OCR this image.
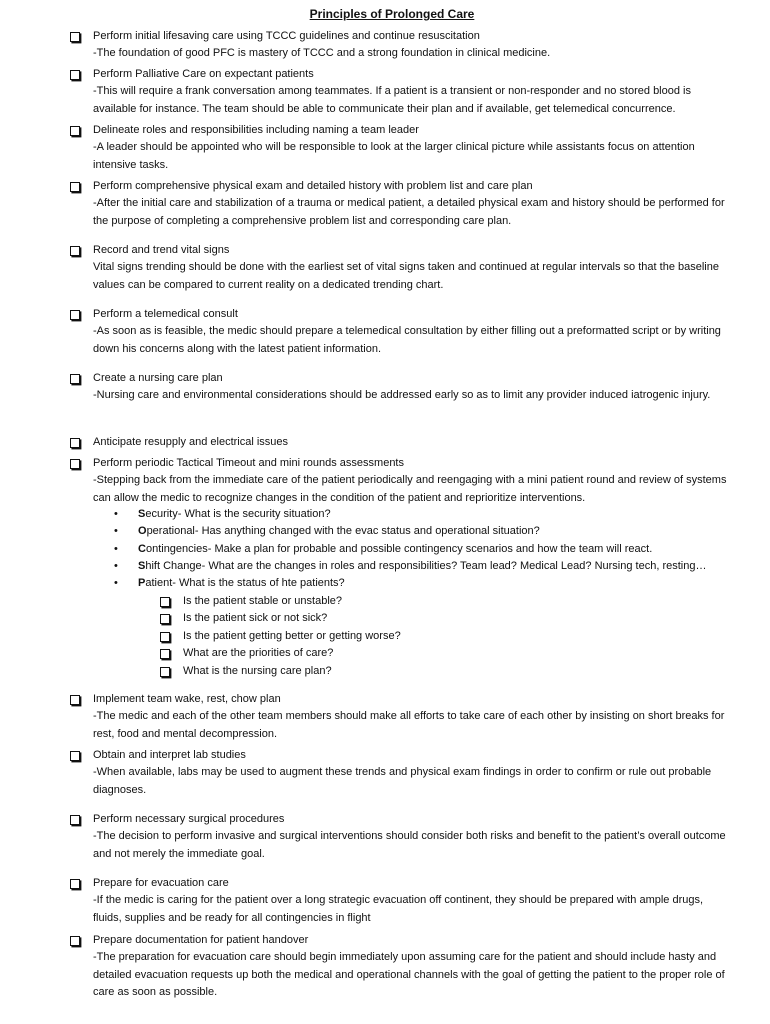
Principles of Prolonged Care
Perform initial lifesaving care using TCCC guidelines and continue resuscitation
-The foundation of good PFC is mastery of TCCC and a strong foundation in clinical medicine.
Perform Palliative Care on expectant patients
-This will require a frank conversation among teammates. If a patient is a transient or non-responder and no stored blood is available for instance. The team should be able to communicate their plan and if available, get telemedical concurrence.
Delineate roles and responsibilities including naming a team leader
-A leader should be appointed who will be responsible to look at the larger clinical picture while assistants focus on attention intensive tasks.
Perform comprehensive physical exam and detailed history with problem list and care plan
-After the initial care and stabilization of a trauma or medical patient, a detailed physical exam and history should be performed for the purpose of completing a comprehensive problem list and corresponding care plan.
Record and trend vital signs
Vital signs trending should be done with the earliest set of vital signs taken and continued at regular intervals so that the baseline values can be compared to current reality on a dedicated trending chart.
Perform a telemedical consult
-As soon as is feasible, the medic should prepare a telemedical consultation by either filling out a preformatted script or by writing down his concerns along with the latest patient information.
Create a nursing care plan
-Nursing care and environmental considerations should be addressed early so as to limit any provider induced iatrogenic injury.
Anticipate resupply and electrical issues
Perform periodic Tactical Timeout and mini rounds assessments
-Stepping back from the immediate care of the patient periodically and reengaging with a mini patient round and review of systems can allow the medic to recognize changes in the condition of the patient and reprioritize interventions.
• Security- What is the security situation?
• Operational- Has anything changed with the evac status and operational situation?
• Contingencies- Make a plan for probable and possible contingency scenarios and how the team will react.
• Shift Change- What are the changes in roles and responsibilities? Team lead? Medical Lead? Nursing tech, resting…
• Patient- What is the status of hte patients?
Is the patient stable or unstable?
Is the patient sick or not sick?
Is the patient getting better or getting worse?
What are the priorities of care?
What is the nursing care plan?
Implement team wake, rest, chow plan
-The medic and each of the other team members should make all efforts to take care of each other by insisting on short breaks for rest, food and mental decompression.
Obtain and interpret lab studies
-When available, labs may be used to augment these trends and physical exam findings in order to confirm or rule out probable diagnoses.
Perform necessary surgical procedures
-The decision to perform invasive and surgical interventions should consider both risks and benefit to the patient’s overall outcome and not merely the immediate goal.
Prepare for evacuation care
-If the medic is caring for the patient over a long strategic evacuation off continent, they should be prepared with ample drugs, fluids, supplies and be ready for all contingencies in flight
Prepare documentation for patient handover
-The preparation for evacuation care should begin immediately upon assuming care for the patient and should include hasty and detailed evacuation requests up both the medical and operational channels with the goal of getting the patient to the proper role of care as soon as possible.
